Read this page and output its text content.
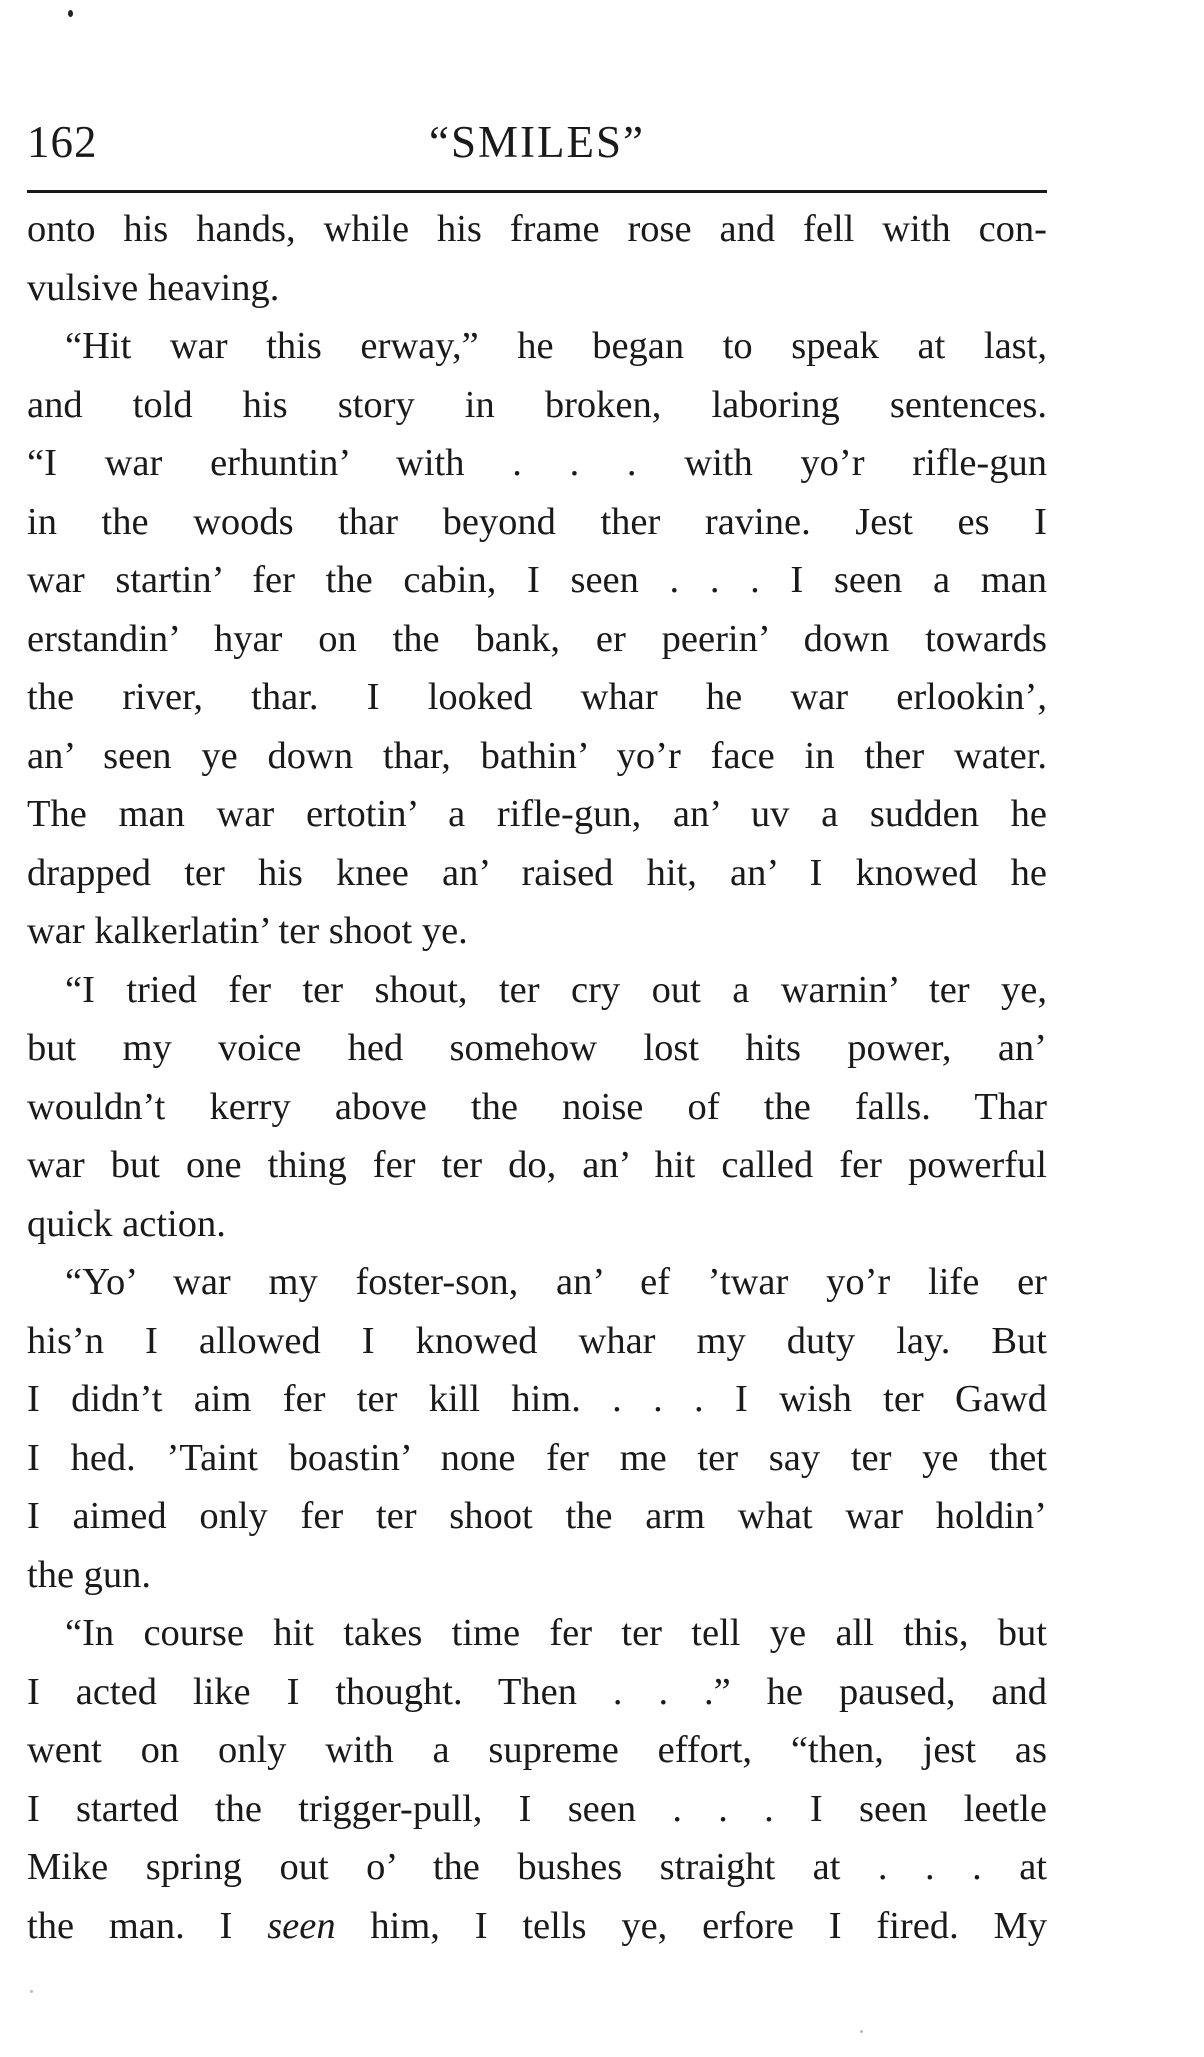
162	“SMILES”

onto his hands, while his frame rose and fell with con-
vulsive heaving.

“Hit war this erway,” he began to speak at last,
and told his story in broken, laboring sentences.
“I war erhuntin’ with . . . with yo’r rifle-gun
in the woods thar beyond ther ravine. Jest es I
war startin’ fer the cabin, I seen . . . I seen a man
erstandin’ hyar on the bank, er peerin’ down towards
the river, thar. I looked whar he war erlookin’,
an’ seen ye down thar, bathin’ yo’r face in ther water.
The man war ertotin’ a rifle-gun, an’ uv a sudden he
drapped ter his knee an’ raised hit, an’ I knowed he
war kalkerlatin’ ter shoot ye.

“I tried fer ter shout, ter cry out a warnin’ ter ye,
but my voice hed somehow lost hits power, an’
wouldn’t kerry above the noise of the falls. Thar
war but one thing fer ter do, an’ hit called fer powerful
quick action.

“Yo’ war my foster-son, an’ ef ’twar yo’r life er
his’n I allowed I knowed whar my duty lay. But
I didn’t aim fer ter kill him. . . . I wish ter Gawd
I hed. ’Taint boastin’ none fer me ter say ter ye thet
I aimed only fer ter shoot the arm what war holdin’
the gun.

“In course hit takes time fer ter tell ye all this, but
I acted like I thought. Then . . .” he paused, and
went on only with a supreme effort, “then, jest as
I started the trigger-pull, I seen . . . I seen leetle
Mike spring out o’ the bushes straight at . . . at
the man. I seen him, I tells ye, erfore I fired. My
